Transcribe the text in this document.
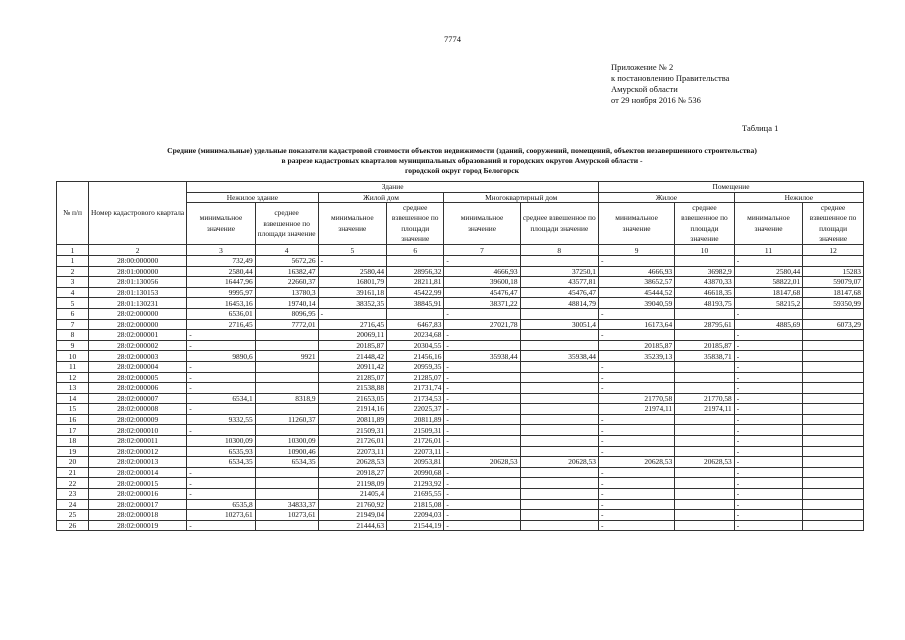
7774
Приложение № 2
к постановлению Правительства
Амурской области
от 29 ноября 2016 № 536
Таблица 1
Средние (минимальные) удельные показатели кадастровой стоимости объектов недвижимости (зданий, сооружений, помещений, объектов незавершенного строительства)
в разрезе кадастровых кварталов муниципальных образований и городских округов Амурской области -
городской округ город Белогорск
№ п/п	Номер кадастрового квартала	Здание						Помещение			
		Нежилое здание		Жилой дом		Многоквартирный дом		Жилое		Нежилое	
		минимальное значение	среднее взвешенное по площади значение	минимальное значение	среднее взвешенное по площади значение	минимальное значение	среднее взвешенное по площади значение	минимальное значение	среднее взвешенное по площади значение	минимальное значение	среднее взвешенное по площади значение
1	2	3	4	5	6	7	8	9	10	11	12
1	28:00:000000	732,49	5672,26	-		-		-		-	
2	28:01:000000	2580,44	16382,47	2580,44	28956,32	4666,93	37250,1	4666,93	36982,9	2580,44	15283
3	28:01:130056	16447,96	22660,37	16801,79	28211,81	39600,18	43577,81	38652,57	43870,33	58822,01	59079,07
4	28:01:130153	9995,97	13780,3	39161,18	45422,99	45476,47	45476,47	45444,52	46618,35	18147,68	18147,68
5	28:01:130231	16453,16	19740,14	38352,35	38845,91	38371,22	48814,79	39040,59	48193,75	58215,2	59350,99
6	28:02:000000	6536,01	8096,95	-		-		-		-	
7	28:02:000000	2716,45	7772,01	2716,45	6467,83	27021,78	30051,4	16173,64	28795,61	4885,69	6073,29
8	28:02:000001	-		20069,11	20234,68	-		-		-	
9	28:02:000002	-		20185,87	20304,55	-		20185,87	20185,87	-	
10	28:02:000003	9890,6	9921	21448,42	21456,16	35938,44	35938,44	35239,13	35838,71	-	
11	28:02:000004	-		20911,42	20959,35	-		-		-	
12	28:02:000005	-		21285,07	21285,07	-		-		-	
13	28:02:000006	-		21538,88	21731,74	-		-		-	
14	28:02:000007	6534,1	8318,9	21653,05	21734,53	-		21770,58	21770,58	-	
15	28:02:000008	-		21914,16	22025,37	-		21974,11	21974,11	-	
16	28:02:000009	9332,55	11260,37	20811,89	20811,89	-		-		-	
17	28:02:000010	-		21509,31	21509,31	-		-		-	
18	28:02:000011	10300,09	10300,09	21726,01	21726,01	-		-		-	
19	28:02:000012	6535,93	10900,46	22073,11	22073,11	-		-		-	
20	28:02:000013	6534,35	6534,35	20628,53	20953,81	20628,53	20628,53	20628,53	20628,53	-	
21	28:02:000014	-		20918,27	20990,68	-		-		-	
22	28:02:000015	-		21198,09	21293,92	-		-		-	
23	28:02:000016	-		21405,4	21695,55	-		-		-	
24	28:02:000017	6535,8	34833,37	21760,92	21815,08	-		-		-	
25	28:02:000018	10273,61	10273,61	21949,04	22094,03	-		-		-	
26	28:02:000019	-		21444,63	21544,19	-		-		-	
